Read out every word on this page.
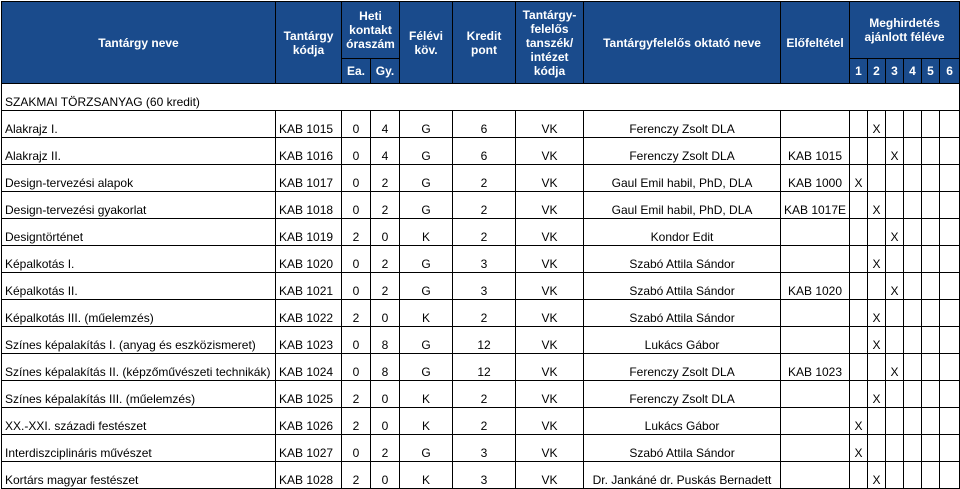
Tantárgy neve	Tantárgy kódja	Heti kontakt óraszám		Félévi köv.	Kredit pont	Tantárgy-felelős tanszék/ intézet kódja	Tantárgyfelelős oktató neve	Előfeltétel	Meghirdetés ajánlott féléve					
		Ea.	Gy.						1	2	3	4	5	6
SZAKMAI TÖRZSANYAG (60 kredit)														
Alakrajz I.	KAB 1015	0	4	G	6	VK	Ferenczy Zsolt DLA			X				
Alakrajz II.	KAB 1016	0	4	G	6	VK	Ferenczy Zsolt DLA	KAB 1015			X			
Design-tervezési alapok	KAB 1017	0	2	G	2	VK	Gaul Emil habil, PhD, DLA	KAB 1000	X					
Design-tervezési gyakorlat	KAB 1018	0	2	G	2	VK	Gaul Emil habil, PhD, DLA	KAB 1017E		X				
Designtörténet	KAB 1019	2	0	K	2	VK	Kondor Edit				X			
Képalkotás I.	KAB 1020	0	2	G	3	VK	Szabó Attila Sándor			X				
Képalkotás II.	KAB 1021	0	2	G	3	VK	Szabó Attila Sándor	KAB 1020			X			
Képalkotás III. (műelemzés)	KAB 1022	2	0	K	2	VK	Szabó Attila Sándor			X				
Színes képalakítás I. (anyag és eszközismeret)	KAB 1023	0	8	G	12	VK	Lukács Gábor			X				
Színes képalakítás II. (képzőművészeti technikák)	KAB 1024	0	8	G	12	VK	Ferenczy Zsolt DLA	KAB 1023			X			
Színes képalakítás III. (műelemzés)	KAB 1025	2	0	K	2	VK	Ferenczy Zsolt DLA			X				
XX.-XXI. századi festészet	KAB 1026	2	0	K	2	VK	Lukács Gábor		X					
Interdiszciplináris művészet	KAB 1027	0	2	G	3	VK	Szabó Attila Sándor		X					
Kortárs magyar festészet	KAB 1028	2	0	K	3	VK	Dr. Jankáné dr. Puskás Bernadett			X				
